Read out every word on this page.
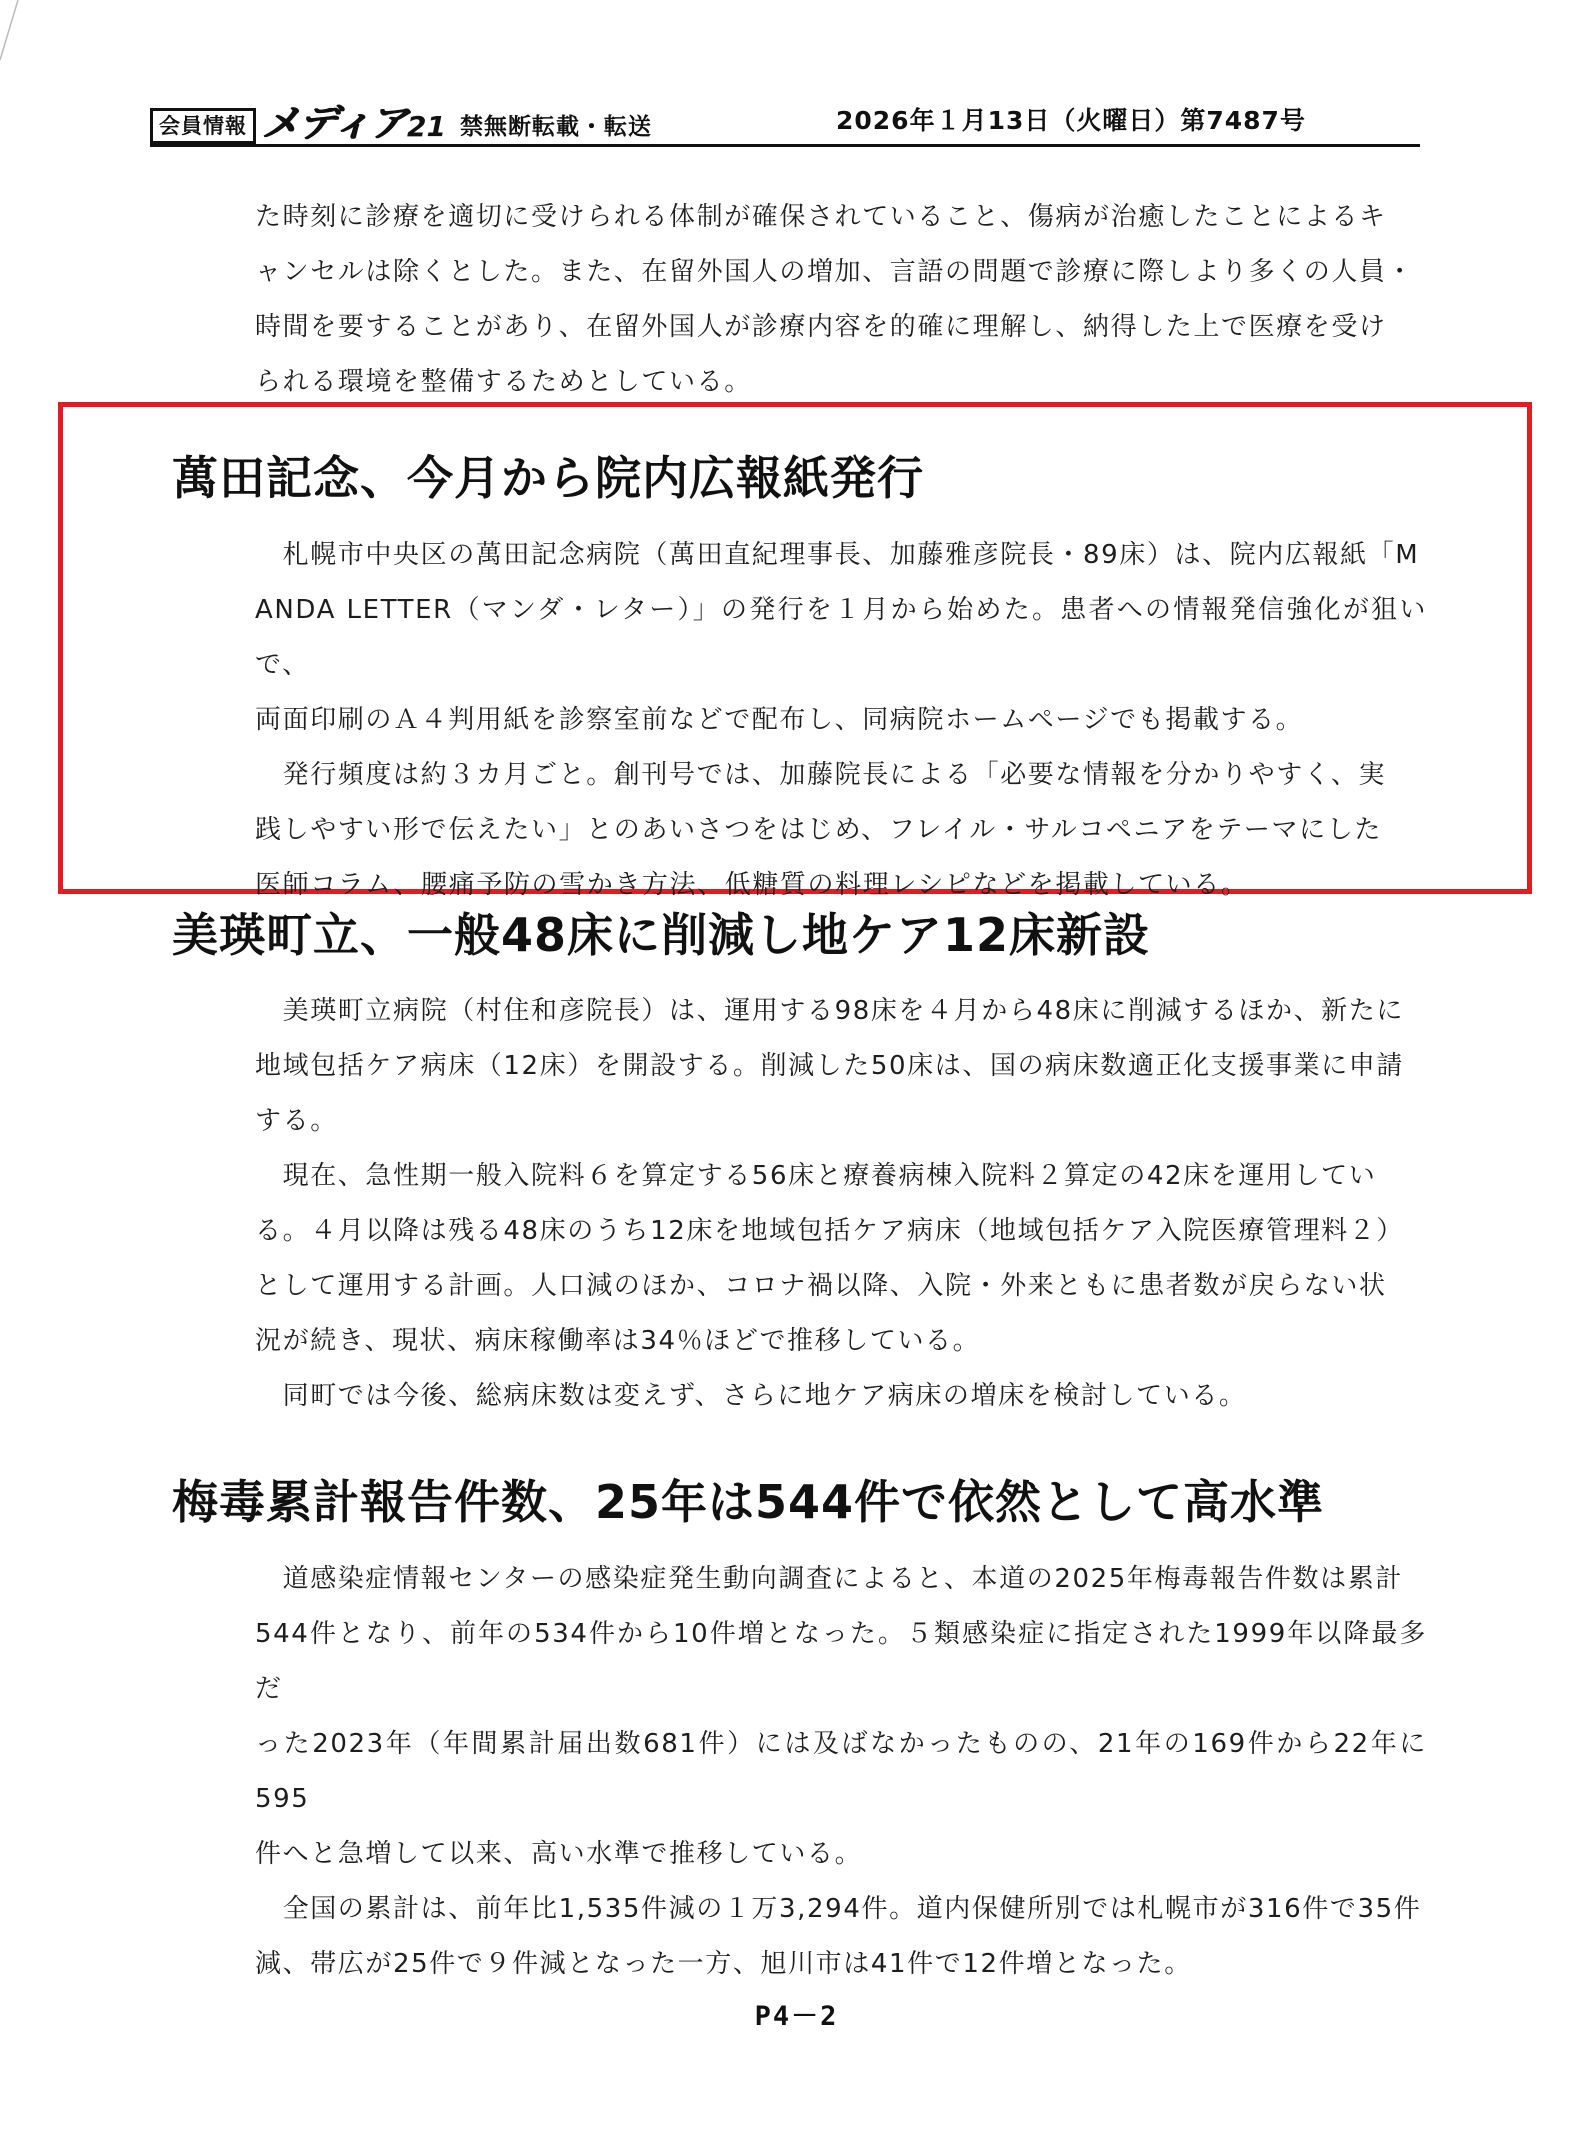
会員情報 メディア 21 禁無断転載・転送	2026年１月13日（火曜日）第7487号
た時刻に診療を適切に受けられる体制が確保されていること、傷病が治癒したことによるキ
ャンセルは除くとした。また、在留外国人の増加、言語の問題で診療に際しより多くの人員・
時間を要することがあり、在留外国人が診療内容を的確に理解し、納得した上で医療を受け
られる環境を整備するためとしている。
萬田記念、今月から院内広報紙発行
　札幌市中央区の萬田記念病院（萬田直紀理事長、加藤雅彦院長・89床）は、院内広報紙「M
ANDA LETTER（マンダ・レター）」の発行を１月から始めた。患者への情報発信強化が狙いで、
両面印刷のＡ４判用紙を診察室前などで配布し、同病院ホームページでも掲載する。
　発行頻度は約３カ月ごと。創刊号では、加藤院長による「必要な情報を分かりやすく、実
践しやすい形で伝えたい」とのあいさつをはじめ、フレイル・サルコペニアをテーマにした
医師コラム、腰痛予防の雪かき方法、低糖質の料理レシピなどを掲載している。
美瑛町立、一般48床に削減し地ケア12床新設
　美瑛町立病院（村住和彦院長）は、運用する98床を４月から48床に削減するほか、新たに
地域包括ケア病床（12床）を開設する。削減した50床は、国の病床数適正化支援事業に申請
する。
　現在、急性期一般入院料６を算定する56床と療養病棟入院料２算定の42床を運用してい
る。４月以降は残る48床のうち12床を地域包括ケア病床（地域包括ケア入院医療管理料２）
として運用する計画。人口減のほか、コロナ禍以降、入院・外来ともに患者数が戻らない状
況が続き、現状、病床稼働率は34％ほどで推移している。
　同町では今後、総病床数は変えず、さらに地ケア病床の増床を検討している。
梅毒累計報告件数、25年は544件で依然として高水準
　道感染症情報センターの感染症発生動向調査によると、本道の2025年梅毒報告件数は累計
544件となり、前年の534件から10件増となった。５類感染症に指定された1999年以降最多だ
った2023年（年間累計届出数681件）には及ばなかったものの、21年の169件から22年に595
件へと急増して以来、高い水準で推移している。
　全国の累計は、前年比1,535件減の１万3,294件。道内保健所別では札幌市が316件で35件
減、帯広が25件で９件減となった一方、旭川市は41件で12件増となった。
P4－2
